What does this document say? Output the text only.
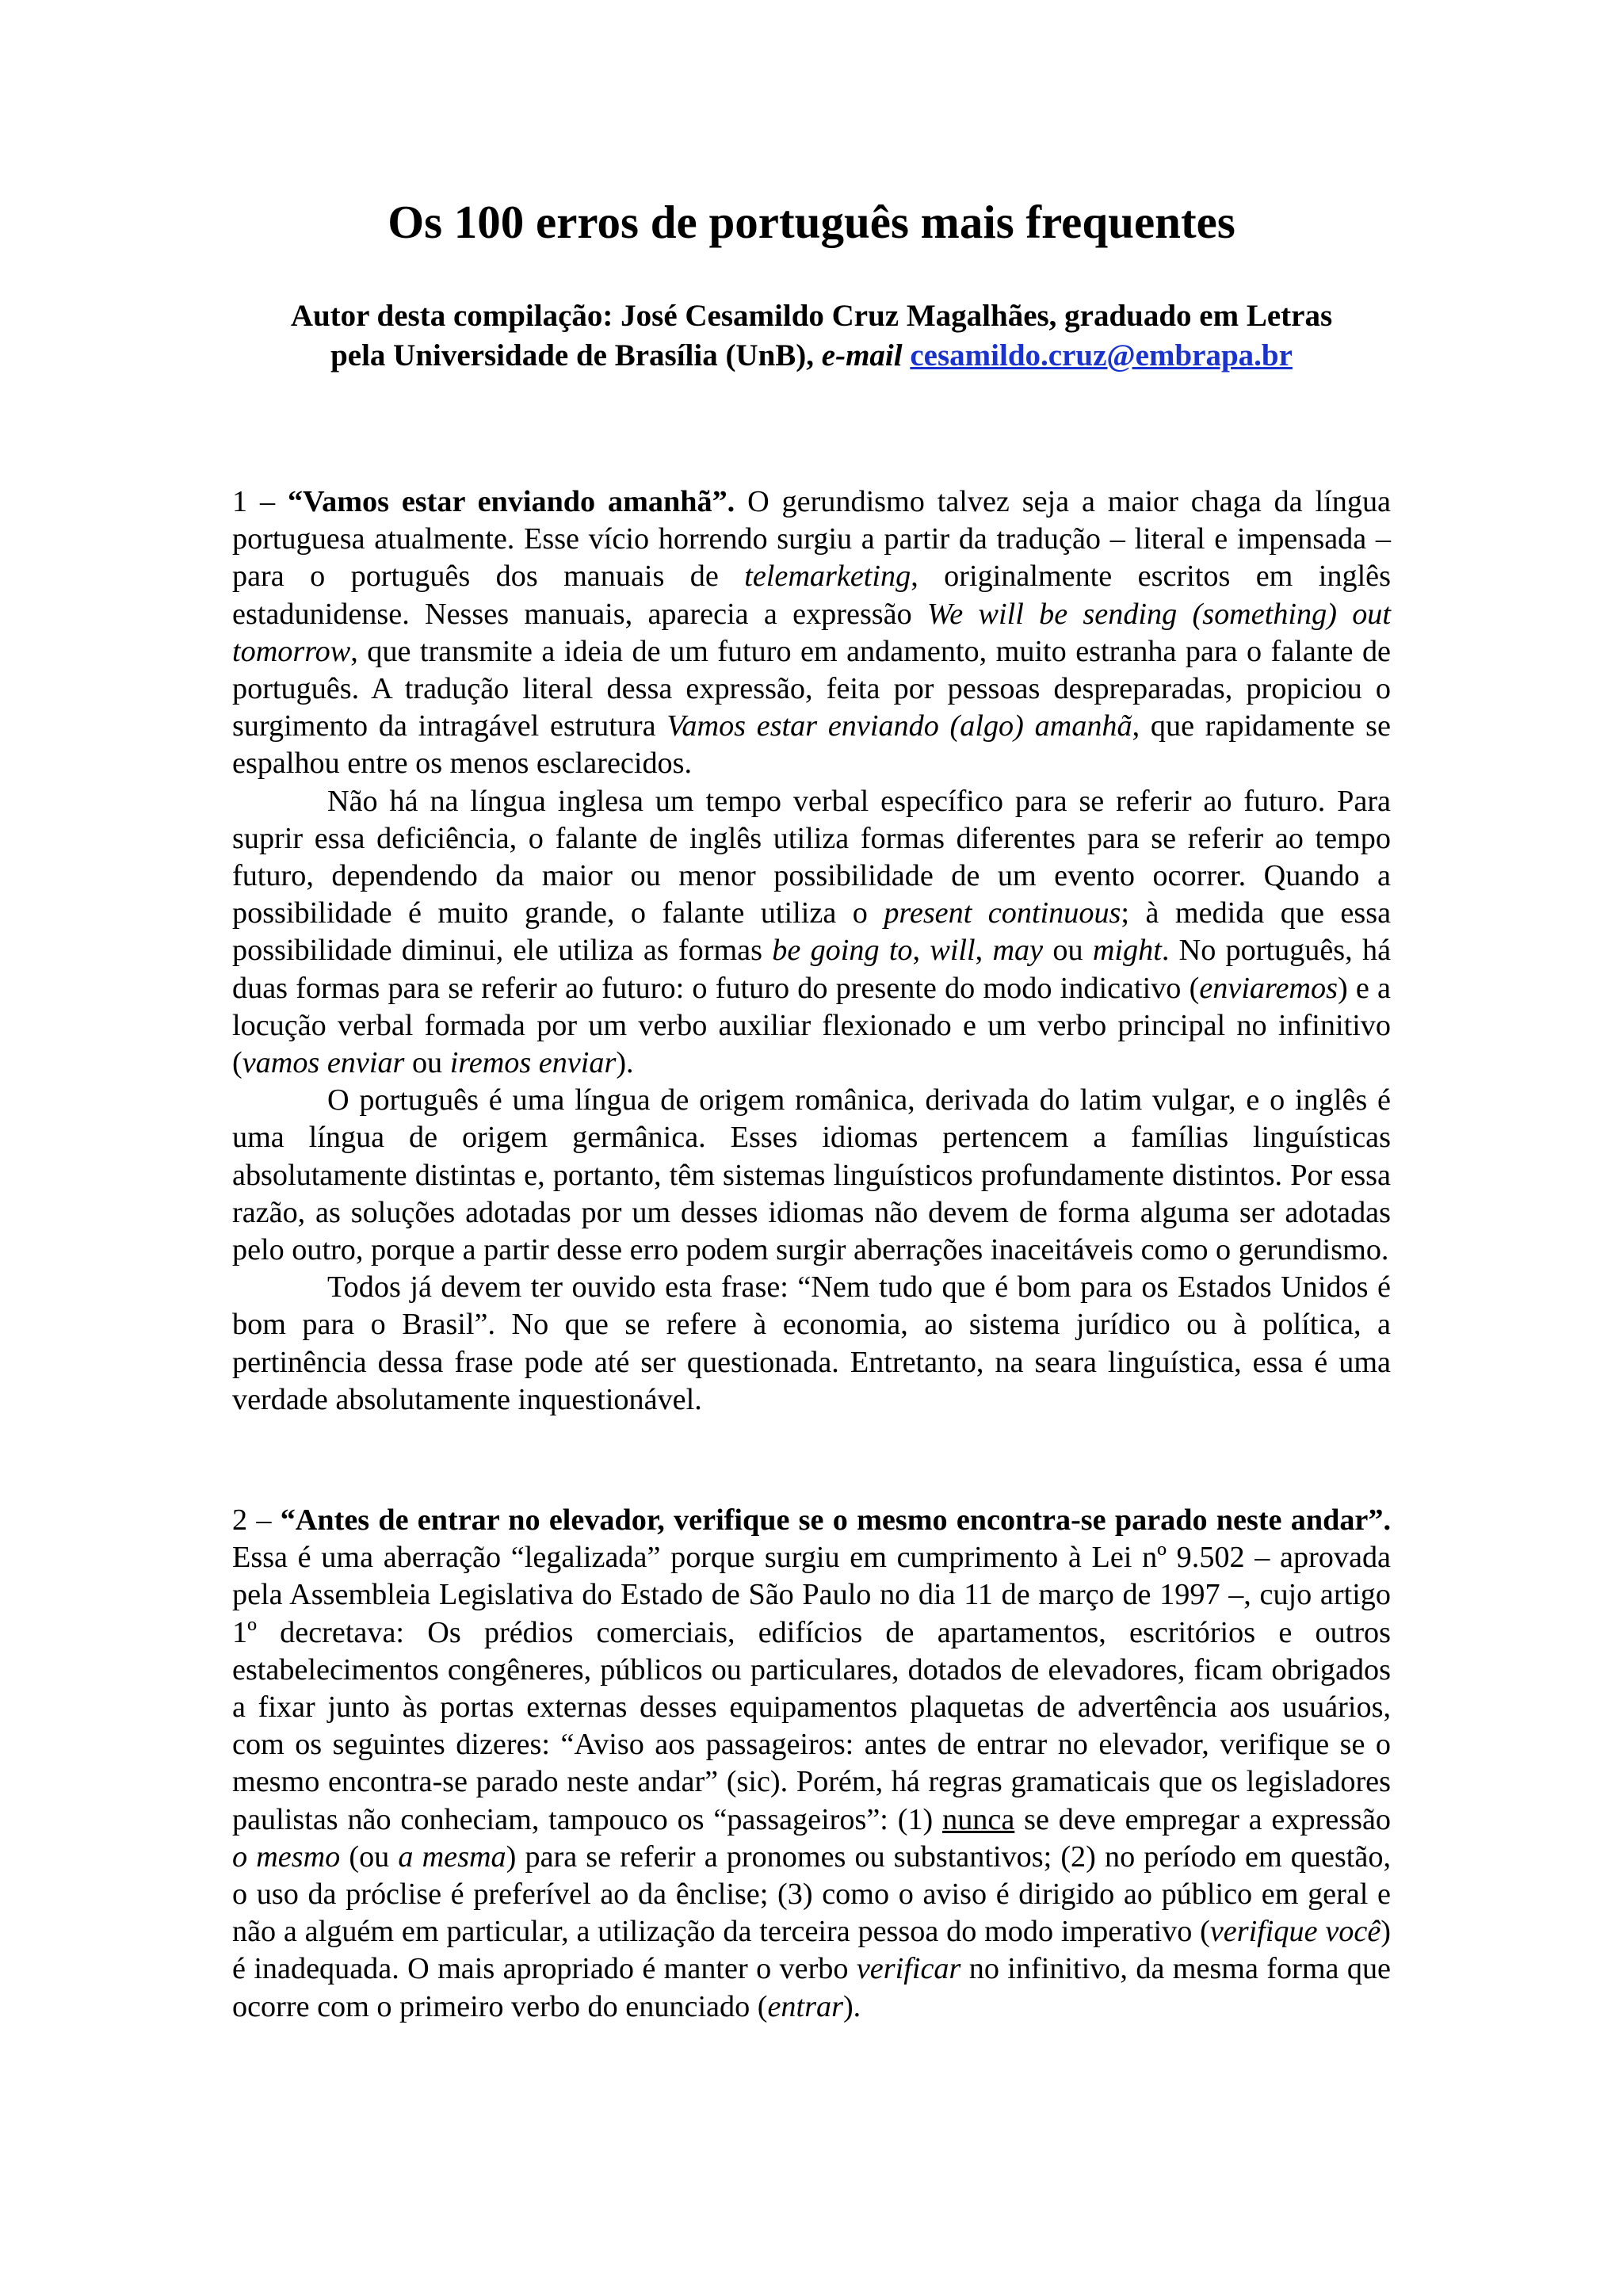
Os 100 erros de português mais frequentes
Autor desta compilação: José Cesamildo Cruz Magalhães, graduado em Letras
pela Universidade de Brasília (UnB), e-mail cesamildo.cruz@embrapa.br

1 – “Vamos estar enviando amanhã”. O gerundismo talvez seja a maior chaga da língua portuguesa atualmente. Esse vício horrendo surgiu a partir da tradução – literal e impensada – para o português dos manuais de telemarketing, originalmente escritos em inglês estadunidense. Nesses manuais, aparecia a expressão We will be sending (something) out tomorrow, que transmite a ideia de um futuro em andamento, muito estranha para o falante de português. A tradução literal dessa expressão, feita por pessoas despreparadas, propiciou o surgimento da intragável estrutura Vamos estar enviando (algo) amanhã, que rapidamente se espalhou entre os menos esclarecidos.

Não há na língua inglesa um tempo verbal específico para se referir ao futuro. Para suprir essa deficiência, o falante de inglês utiliza formas diferentes para se referir ao tempo futuro, dependendo da maior ou menor possibilidade de um evento ocorrer. Quando a possibilidade é muito grande, o falante utiliza o present continuous; à medida que essa possibilidade diminui, ele utiliza as formas be going to, will, may ou might. No português, há duas formas para se referir ao futuro: o futuro do presente do modo indicativo (enviaremos) e a locução verbal formada por um verbo auxiliar flexionado e um verbo principal no infinitivo (vamos enviar ou iremos enviar).

O português é uma língua de origem românica, derivada do latim vulgar, e o inglês é uma língua de origem germânica. Esses idiomas pertencem a famílias linguísticas absolutamente distintas e, portanto, têm sistemas linguísticos profundamente distintos. Por essa razão, as soluções adotadas por um desses idiomas não devem de forma alguma ser adotadas pelo outro, porque a partir desse erro podem surgir aberrações inaceitáveis como o gerundismo.

Todos já devem ter ouvido esta frase: “Nem tudo que é bom para os Estados Unidos é bom para o Brasil”. No que se refere à economia, ao sistema jurídico ou à política, a pertinência dessa frase pode até ser questionada. Entretanto, na seara linguística, essa é uma verdade absolutamente inquestionável.

2 – “Antes de entrar no elevador, verifique se o mesmo encontra-se parado neste andar”. Essa é uma aberração “legalizada” porque surgiu em cumprimento à Lei nº 9.502 – aprovada pela Assembleia Legislativa do Estado de São Paulo no dia 11 de março de 1997 –, cujo artigo 1º decretava: Os prédios comerciais, edifícios de apartamentos, escritórios e outros estabelecimentos congêneres, públicos ou particulares, dotados de elevadores, ficam obrigados a fixar junto às portas externas desses equipamentos plaquetas de advertência aos usuários, com os seguintes dizeres: “Aviso aos passageiros: antes de entrar no elevador, verifique se o mesmo encontra-se parado neste andar” (sic). Porém, há regras gramaticais que os legisladores paulistas não conheciam, tampouco os “passageiros”: (1) nunca se deve empregar a expressão o mesmo (ou a mesma) para se referir a pronomes ou substantivos; (2) no período em questão, o uso da próclise é preferível ao da ênclise; (3) como o aviso é dirigido ao público em geral e não a alguém em particular, a utilização da terceira pessoa do modo imperativo (verifique você) é inadequada. O mais apropriado é manter o verbo verificar no infinitivo, da mesma forma que ocorre com o primeiro verbo do enunciado (entrar).
